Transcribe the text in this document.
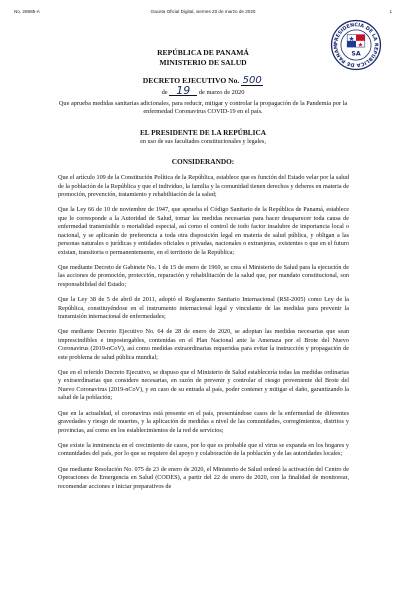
No. 28985-A	Gaceta Oficial Digital, viernes 20 de marzo de 2020	1
PRESIDENCIA DE LA REPÚBLICA DE PANAM
SA
REPÚBLICA DE PANAMÁ
MINISTERIO DE SALUD
DECRETO EJECUTIVO No. 500
de 19 de marzo de 2020
Que aprueba medidas sanitarias adicionales, para reducir, mitigar y controlar la propagación de la Pandemia por la enfermedad Coronavirus COVID-19 en el país.
EL PRESIDENTE DE LA REPÚBLICA
en uso de sus facultades constitucionales y legales,
CONSIDERANDO:

Que el artículo 109 de la Constitución Política de la República, establece que es función del Estado velar por la salud de la población de la República y que el individuo, la familia y la comunidad tienen derechos y deberes en materia de promoción, prevención, tratamiento y rehabilitación de la salud;

Que la Ley 66 de 10 de noviembre de 1947, que aprueba el Código Sanitario de la República de Panamá, establece que le corresponde a la Autoridad de Salud, tomar las medidas necesarias para hacer desaparecer toda causa de enfermedad transmisible o mortalidad especial, así como el control de todo factor insalubre de importancia local o nacional, y se aplicarán de preferencia a toda otra disposición legal en materia de salud pública, y obligan a las personas naturales o jurídicas y entidades oficiales o privadas, nacionales o extranjeras, existentes o que en el futuro existan, transitoria o permanentemente, en el territorio de la República;

Que mediante Decreto de Gabinete No. 1 de 15 de enero de 1969, se crea el Ministerio de Salud para la ejecución de las acciones de promoción, protección, reparación y rehabilitación de la salud que, por mandato constitucional, son responsabilidad del Estado;

Que la Ley 38 de 5 de abril de 2011, adoptó el Reglamento Sanitario Internacional (RSI-2005) como Ley de la República, constituyéndose en el instrumento internacional legal y vinculante de las medidas para prevenir la transmisión internacional de enfermedades;

Que mediante Decreto Ejecutivo No. 64 de 28 de enero de 2020, se adoptan las medidas necesarias que sean imprescindibles e impostergables, contenidas en el Plan Nacional ante la Amenaza por el Brote del Nuevo Coronavirus (2019-nCoV), así como medidas extraordinarias requeridas para evitar la instrucción y propagación de este problema de salud pública mundial;

Que en el referido Decreto Ejecutivo, se dispuso que el Ministerio de Salud establecería todas las medidas ordinarias y extraordinarias que considere necesarias, en razón de prevenir y controlar el riesgo proveniente del Brote del Nuevo Coronavirus (2019-nCoV), y en caso de su entrada al país, poder contener y mitigar el daño, garantizando la salud de la población;

Que en la actualidad, el coronavirus está presente en el país, presentándose casos de la enfermedad de diferentes gravedades y riesgo de muertes, y la aplicación de medidas a nivel de las comunidades, corregimientos, distritos y provincias, así como en los establecimientos de la red de servicios;

Que existe la inminencia en el crecimiento de casos, por lo que es probable que el virus se expanda en los hogares y comunidades del país, por lo que se requiere del apoyo y colaboración de la población y de las autoridades locales;

Que mediante Resolución No. 075 de 23 de enero de 2020, el Ministerio de Salud ordenó la activación del Centro de Operaciones de Emergencia en Salud (CODES), a partir del 22 de enero de 2020, con la finalidad de monitorear, recomendar acciones e iniciar preparativos de
